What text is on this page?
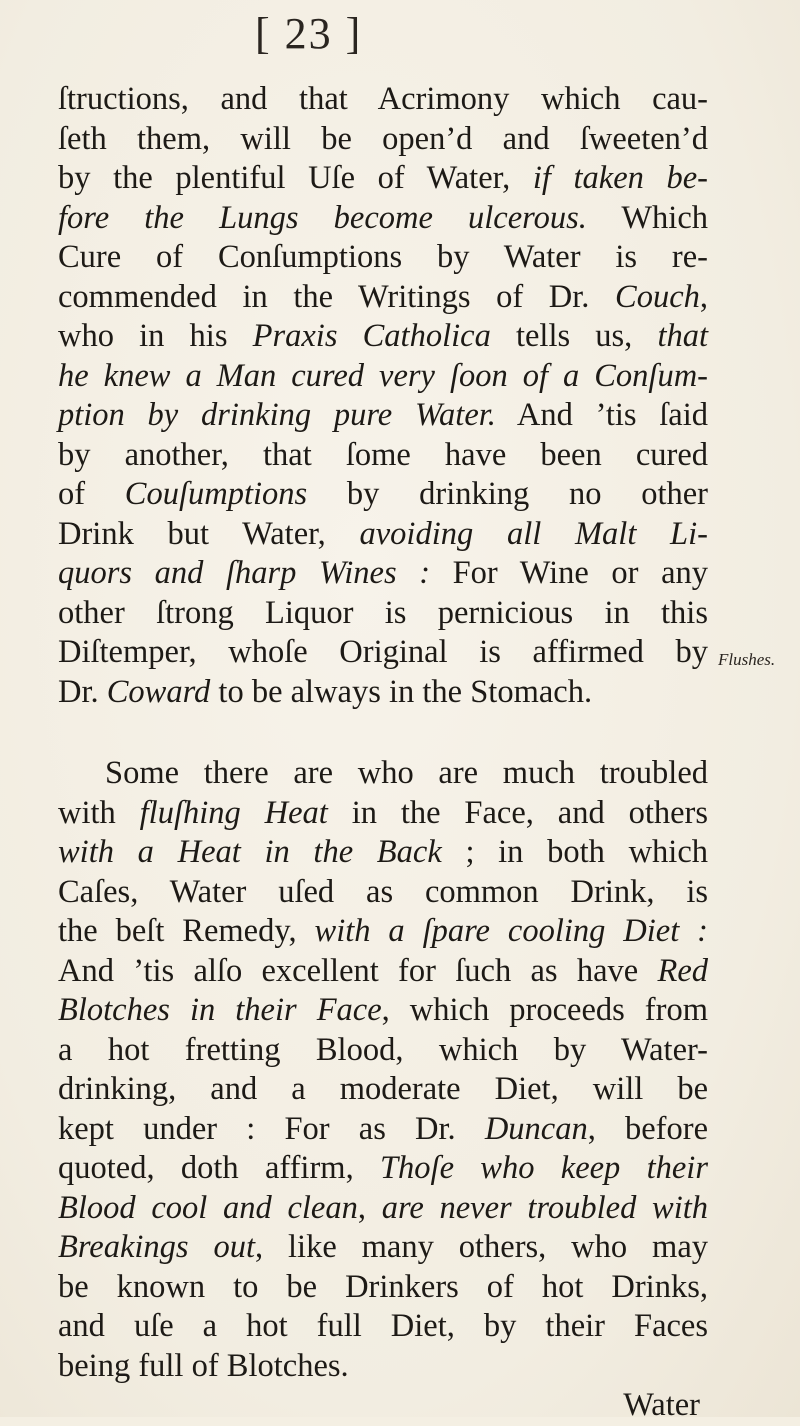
[ 23 ]
ſtructions, and that Acrimony which cau-
ſeth them, will be open’d and ſweeten’d
by the plentiful Uſe of Water, if taken be-
fore the Lungs become ulcerous. Which
Cure of Conſumptions by Water is re-
commended in the Writings of Dr. Couch,
who in his Praxis Catholica tells us, that
he knew a Man cured very ſoon of a Conſum-
ption by drinking pure Water. And ’tis ſaid
by another, that ſome have been cured
of Couſumptions by drinking no other
Drink but Water, avoiding all Malt Li-
quors and ſharp Wines : For Wine or any
other ſtrong Liquor is pernicious in this
Diſtemper, whoſe Original is affirmed by
Dr. Coward to be always in the Stomach.
Some there are who are much troubled
with fluſhing Heat in the Face, and others
with a Heat in the Back ; in both which
Caſes, Water uſed as common Drink, is
the beſt Remedy, with a ſpare cooling Diet :
And ’tis alſo excellent for ſuch as have Red
Blotches in their Face, which proceeds from
a hot fretting Blood, which by Water-
drinking, and a moderate Diet, will be
kept under : For as Dr. Duncan, before
quoted, doth affirm, Thoſe who keep their
Blood cool and clean, are never troubled with
Breakings out, like many others, who may
be known to be Drinkers of hot Drinks,
and uſe a hot full Diet, by their Faces
being full of Blotches.
Water
Flushes.
